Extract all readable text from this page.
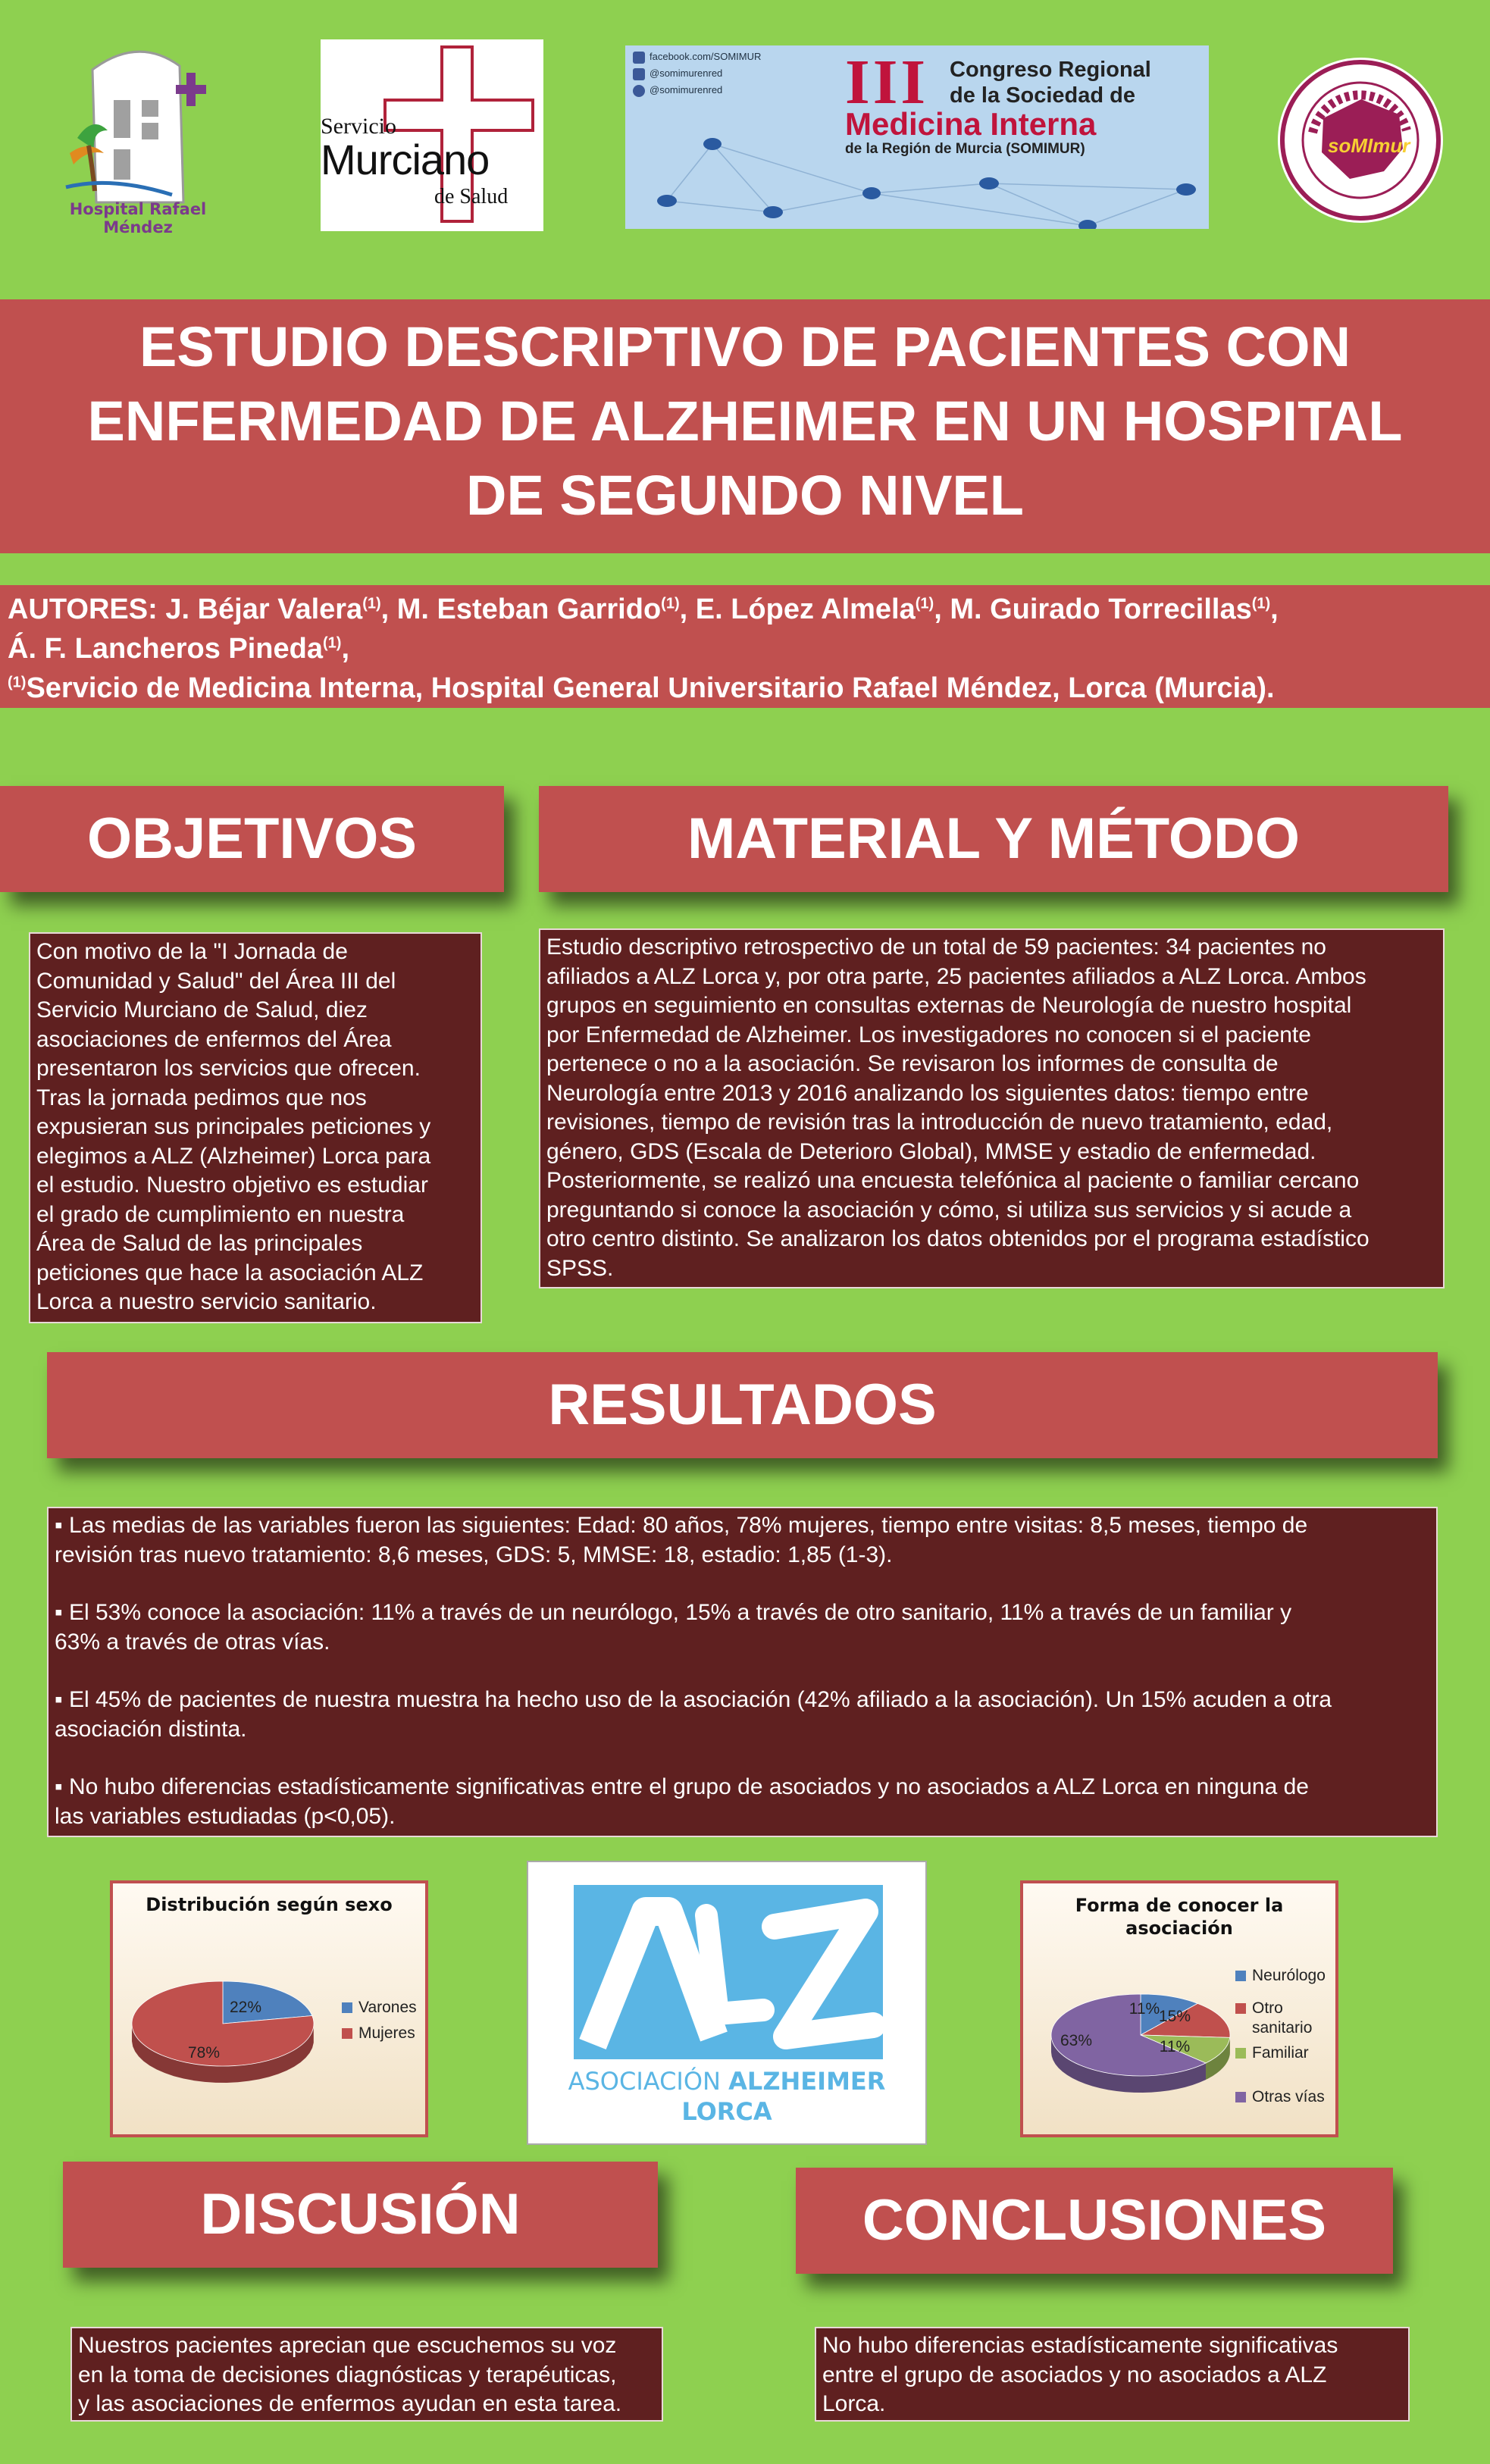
Hospital Rafael Méndez
Servicio
Murciano
de Salud
facebook.com/SOMIMUR
@somimurenred
@somimurenred III Congreso Regional
de la Sociedad de
Medicina Interna
de la Región de Murcia (SOMIMUR)	soMImur
ESTUDIO DESCRIPTIVO DE PACIENTES CON
ENFERMEDAD DE ALZHEIMER EN UN HOSPITAL
DE SEGUNDO NIVEL
AUTORES: J. Béjar Valera$^{(1)}$, M. Esteban Garrido$^{(1)}$, E. López Almela$^{(1)}$, M. Guirado Torrecillas$^{(1)}$,
Á. F. Lancheros Pineda$^{(1)}$,
$^{(1)}$Servicio de Medicina Interna, Hospital General Universitario Rafael Méndez, Lorca (Murcia).
OBJETIVOS
Con motivo de la "I Jornada de
Comunidad y Salud" del Área III del
Servicio Murciano de Salud, diez
asociaciones de enfermos del Área
presentaron los servicios que ofrecen.
Tras la jornada pedimos que nos
expusieran sus principales peticiones y
elegimos a ALZ (Alzheimer) Lorca para
el estudio. Nuestro objetivo es estudiar
el grado de cumplimiento en nuestra
Área de Salud de las principales
peticiones que hace la asociación ALZ
Lorca a nuestro servicio sanitario.
MATERIAL Y MÉTODO
Estudio descriptivo retrospectivo de un total de 59 pacientes: 34 pacientes no
afiliados a ALZ Lorca y, por otra parte, 25 pacientes afiliados a ALZ Lorca. Ambos
grupos en seguimiento en consultas externas de Neurología de nuestro hospital
por Enfermedad de Alzheimer. Los investigadores no conocen si el paciente
pertenece o no a la asociación. Se revisaron los informes de consulta de
Neurología entre 2013 y 2016 analizando los siguientes datos: tiempo entre
revisiones, tiempo de revisión tras la introducción de nuevo tratamiento, edad,
género, GDS (Escala de Deterioro Global), MMSE y estadio de enfermedad.
Posteriormente, se realizó una encuesta telefónica al paciente o familiar cercano
preguntando si conoce la asociación y cómo, si utiliza sus servicios y si acude a
otro centro distinto. Se analizaron los datos obtenidos por el programa estadístico
SPSS.
RESULTADOS
▪ Las medias de las variables fueron las siguientes: Edad: 80 años, 78% mujeres, tiempo entre visitas: 8,5 meses, tiempo de
revisión tras nuevo tratamiento: 8,6 meses, GDS: 5, MMSE: 18, estadio: 1,85 (1-3).
▪ El 53% conoce la asociación: 11% a través de un neurólogo, 15% a través de otro sanitario, 11% a través de un familiar y
63% a través de otras vías.
▪ El 45% de pacientes de nuestra muestra ha hecho uso de la asociación (42% afiliado a la asociación). Un 15% acuden a otra
asociación distinta.
▪ No hubo diferencias estadísticamente significativas entre el grupo de asociados y no asociados a ALZ Lorca en ninguna de
las variables estudiadas (p<0,05).
Distribución según sexo
22%
78%
Varones
Mujeres
ASOCIACIÓN ALZHEIMER
LORCA
Forma de conocer la
asociación
11%
15%
11%
63%
Neurólogo
Otro
sanitario
Familiar
Otras vías
DISCUSIÓN
Nuestros pacientes aprecian que escuchemos su voz
en la toma de decisiones diagnósticas y terapéuticas,
y las asociaciones de enfermos ayudan en esta tarea.
CONCLUSIONES
No hubo diferencias estadísticamente significativas
entre el grupo de asociados y no asociados a ALZ
Lorca.
